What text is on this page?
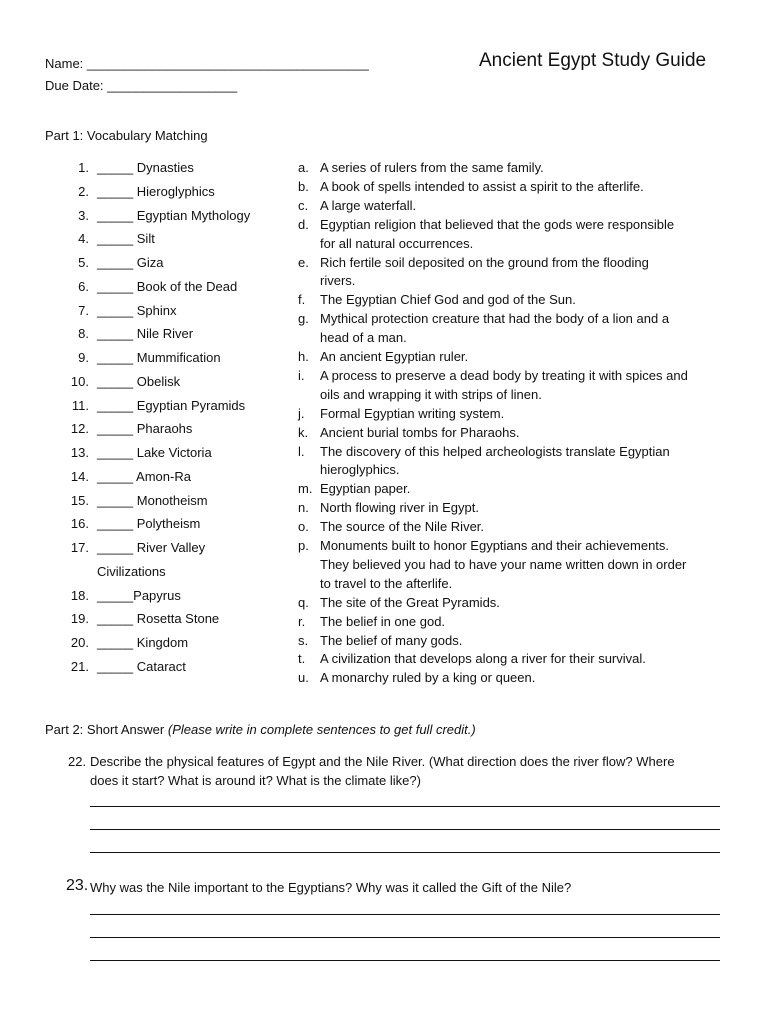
Name: _______________________________________
Due Date: __________________
Ancient Egypt Study Guide
Part 1: Vocabulary Matching
1. _____ Dynasties
2. _____ Hieroglyphics
3. _____ Egyptian Mythology
4. _____ Silt
5. _____ Giza
6. _____ Book of the Dead
7. _____ Sphinx
8. _____ Nile River
9. _____ Mummification
10. _____ Obelisk
11. _____ Egyptian Pyramids
12. _____ Pharaohs
13. _____ Lake Victoria
14. _____ Amon-Ra
15. _____ Monotheism
16. _____ Polytheism
17. _____ River Valley
Civilizations
18. _____Papyrus
19. _____ Rosetta Stone
20. _____ Kingdom
21. _____ Cataract
a. A series of rulers from the same family.
b. A book of spells intended to assist a spirit to the afterlife.
c. A large waterfall.
d. Egyptian religion that believed that the gods were responsible
for all natural occurrences.
e. Rich fertile soil deposited on the ground from the flooding
rivers.
f. The Egyptian Chief God and god of the Sun.
g. Mythical protection creature that had the body of a lion and a
head of a man.
h. An ancient Egyptian ruler.
i. A process to preserve a dead body by treating it with spices and
oils and wrapping it with strips of linen.
j. Formal Egyptian writing system.
k. Ancient burial tombs for Pharaohs.
l. The discovery of this helped archeologists translate Egyptian
hieroglyphics.
m. Egyptian paper.
n. North flowing river in Egypt.
o. The source of the Nile River.
p. Monuments built to honor Egyptians and their achievements.
They believed you had to have your name written down in order
to travel to the afterlife.
q. The site of the Great Pyramids.
r. The belief in one god.
s. The belief of many gods.
t. A civilization that develops along a river for their survival.
u. A monarchy ruled by a king or queen.
Part 2: Short Answer (Please write in complete sentences to get full credit.)
22. Describe the physical features of Egypt and the Nile River. (What direction does the river flow? Where
does it start? What is around it? What is the climate like?)
23. Why was the Nile important to the Egyptians? Why was it called the Gift of the Nile?
